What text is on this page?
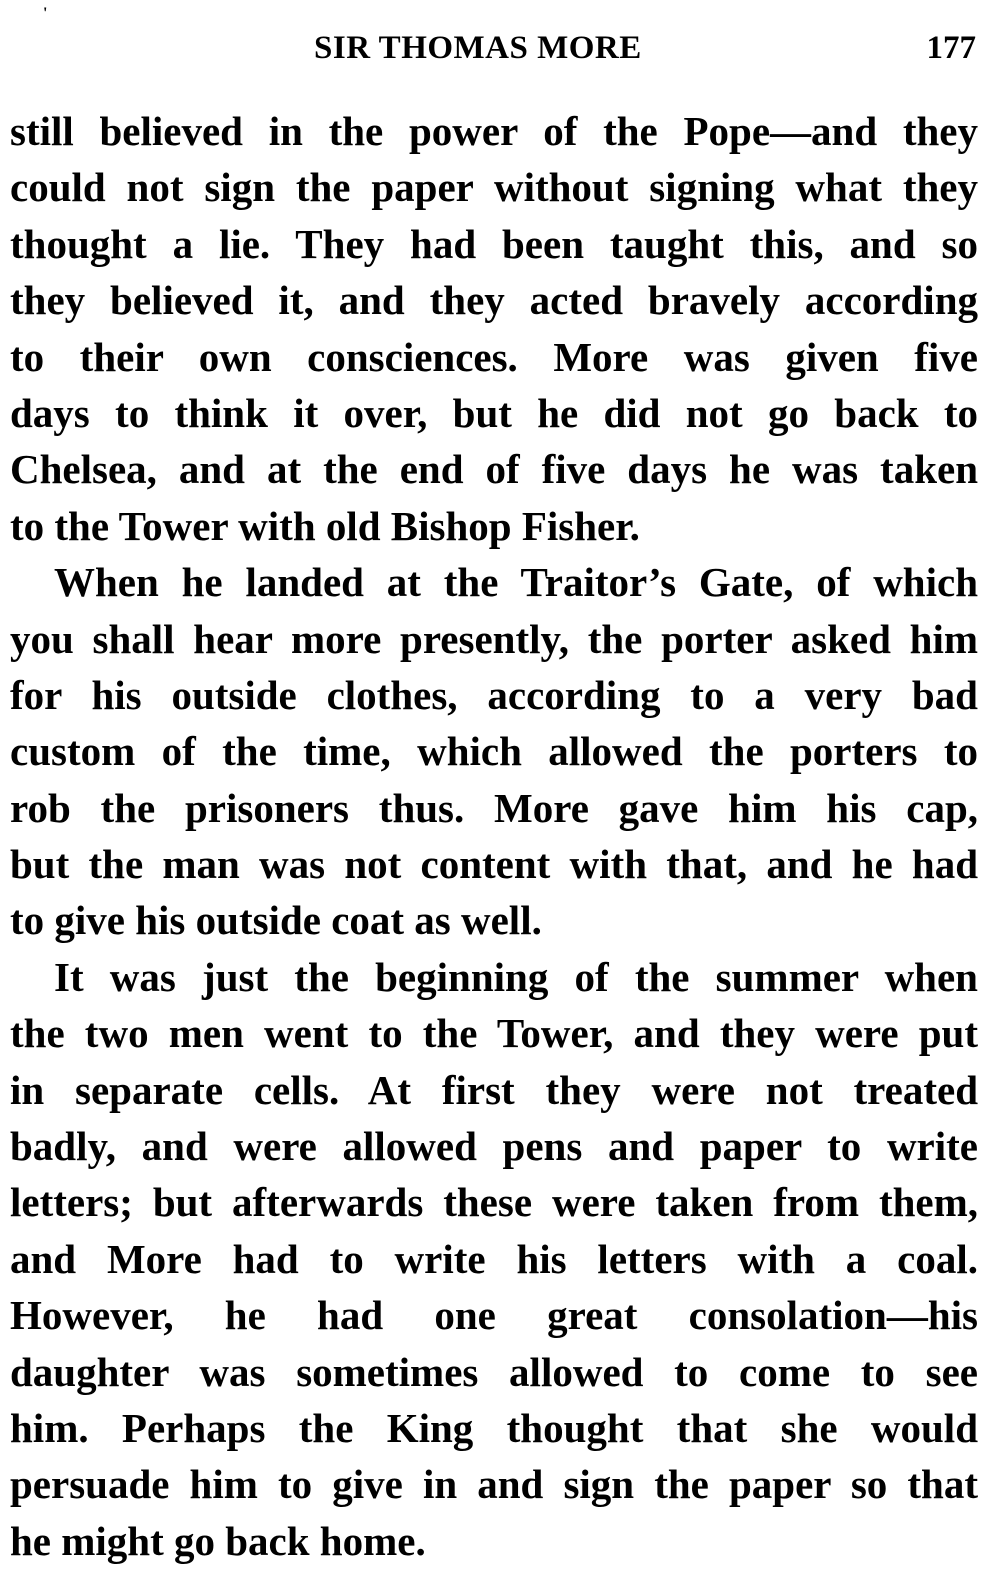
'
SIR THOMAS MORE	177
still believed in the power of the Pope—and they
could not sign the paper without signing what they
thought a lie. They had been taught this, and so
they believed it, and they acted bravely according
to their own consciences. More was given five
days to think it over, but he did not go back to
Chelsea, and at the end of five days he was taken
to the Tower with old Bishop Fisher.
When he landed at the Traitor’s Gate, of which
you shall hear more presently, the porter asked him
for his outside clothes, according to a very bad
custom of the time, which allowed the porters to
rob the prisoners thus. More gave him his cap,
but the man was not content with that, and he had
to give his outside coat as well.
It was just the beginning of the summer when
the two men went to the Tower, and they were put
in separate cells. At first they were not treated
badly, and were allowed pens and paper to write
letters; but afterwards these were taken from them,
and More had to write his letters with a coal.
However, he had one great consolation—his
daughter was sometimes allowed to come to see
him. Perhaps the King thought that she would
persuade him to give in and sign the paper so that
he might go back home.
